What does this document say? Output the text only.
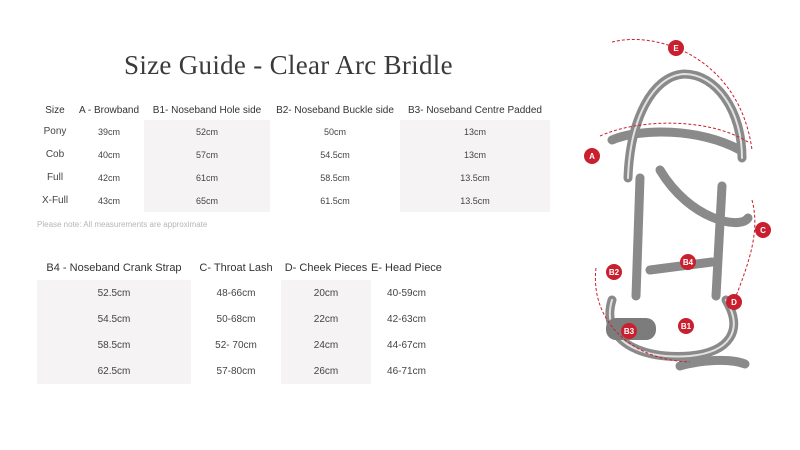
Size Guide - Clear Arc Bridle
Size	A - Browband	B1- Noseband Hole side	B2- Noseband Buckle side	B3- Noseband Centre Padded
Pony	39cm	52cm	50cm	13cm
Cob	40cm	57cm	54.5cm	13cm
Full	42cm	61cm	58.5cm	13.5cm
X-Full	43cm	65cm	61.5cm	13.5cm
Please note: All measurements are approximate
B4 - Noseband Crank Strap	C- Throat Lash	D- Cheek Pieces	E- Head Piece
52.5cm	48-66cm	20cm	40-59cm
54.5cm	50-68cm	22cm	42-63cm
58.5cm	52- 70cm	24cm	44-67cm
62.5cm	57-80cm	26cm	46-71cm
A
B1
B2
B3
B4
C
D
E
